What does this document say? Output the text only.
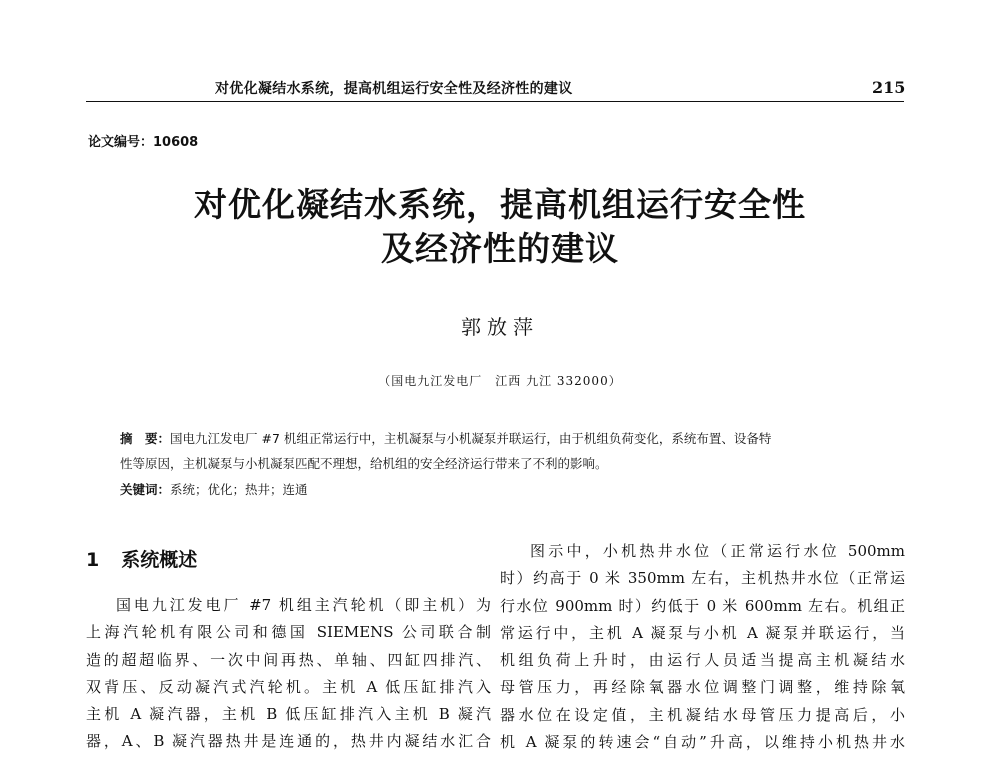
对优化凝结水系统，提高机组运行安全性及经济性的建议	215
论文编号：10608
对优化凝结水系统，提高机组运行安全性
及经济性的建议
郭放萍
（国电九江发电厂　江西 九江 332000）
摘　要：国电九江发电厂 #7 机组正常运行中，主机凝泵与小机凝泵并联运行，由于机组负荷变化，系统布置、设备特
性等原因，主机凝泵与小机凝泵匹配不理想，给机组的安全经济运行带来了不利的影响。
关键词：系统；优化；热井；连通
1 系统概述

国电九江发电厂 #7 机组主汽轮机（即主机）为

上海汽轮机有限公司和德国 SIEMENS 公司联合制

造的超超临界、一次中间再热、单轴、四缸四排汽、

双背压、反动凝汽式汽轮机。主机 A 低压缸排汽入

主机 A 凝汽器，主机 B 低压缸排汽入主机 B 凝汽

器，A、B 凝汽器热井是连通的，热井内凝结水汇合

图示中，小机热井水位（正常运行水位 500mm

时）约高于 0 米 350mm 左右，主机热井水位（正常运

行水位 900mm 时）约低于 0 米 600mm 左右。机组正

常运行中，主机 A 凝泵与小机 A 凝泵并联运行，当

机组负荷上升时，由运行人员适当提高主机凝结水

母管压力，再经除氧器水位调整门调整，维持除氧

器水位在设定值，主机凝结水母管压力提高后，小

机 A 凝泵的转速会“自动”升高，以维持小机热井水
